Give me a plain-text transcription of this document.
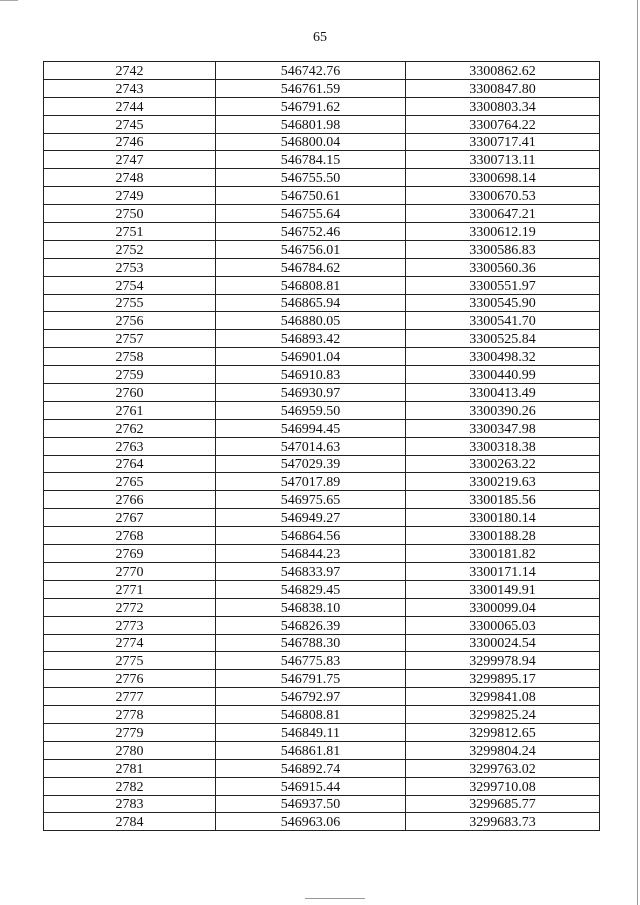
65
2742	546742.76	3300862.62
2743	546761.59	3300847.80
2744	546791.62	3300803.34
2745	546801.98	3300764.22
2746	546800.04	3300717.41
2747	546784.15	3300713.11
2748	546755.50	3300698.14
2749	546750.61	3300670.53
2750	546755.64	3300647.21
2751	546752.46	3300612.19
2752	546756.01	3300586.83
2753	546784.62	3300560.36
2754	546808.81	3300551.97
2755	546865.94	3300545.90
2756	546880.05	3300541.70
2757	546893.42	3300525.84
2758	546901.04	3300498.32
2759	546910.83	3300440.99
2760	546930.97	3300413.49
2761	546959.50	3300390.26
2762	546994.45	3300347.98
2763	547014.63	3300318.38
2764	547029.39	3300263.22
2765	547017.89	3300219.63
2766	546975.65	3300185.56
2767	546949.27	3300180.14
2768	546864.56	3300188.28
2769	546844.23	3300181.82
2770	546833.97	3300171.14
2771	546829.45	3300149.91
2772	546838.10	3300099.04
2773	546826.39	3300065.03
2774	546788.30	3300024.54
2775	546775.83	3299978.94
2776	546791.75	3299895.17
2777	546792.97	3299841.08
2778	546808.81	3299825.24
2779	546849.11	3299812.65
2780	546861.81	3299804.24
2781	546892.74	3299763.02
2782	546915.44	3299710.08
2783	546937.50	3299685.77
2784	546963.06	3299683.73
